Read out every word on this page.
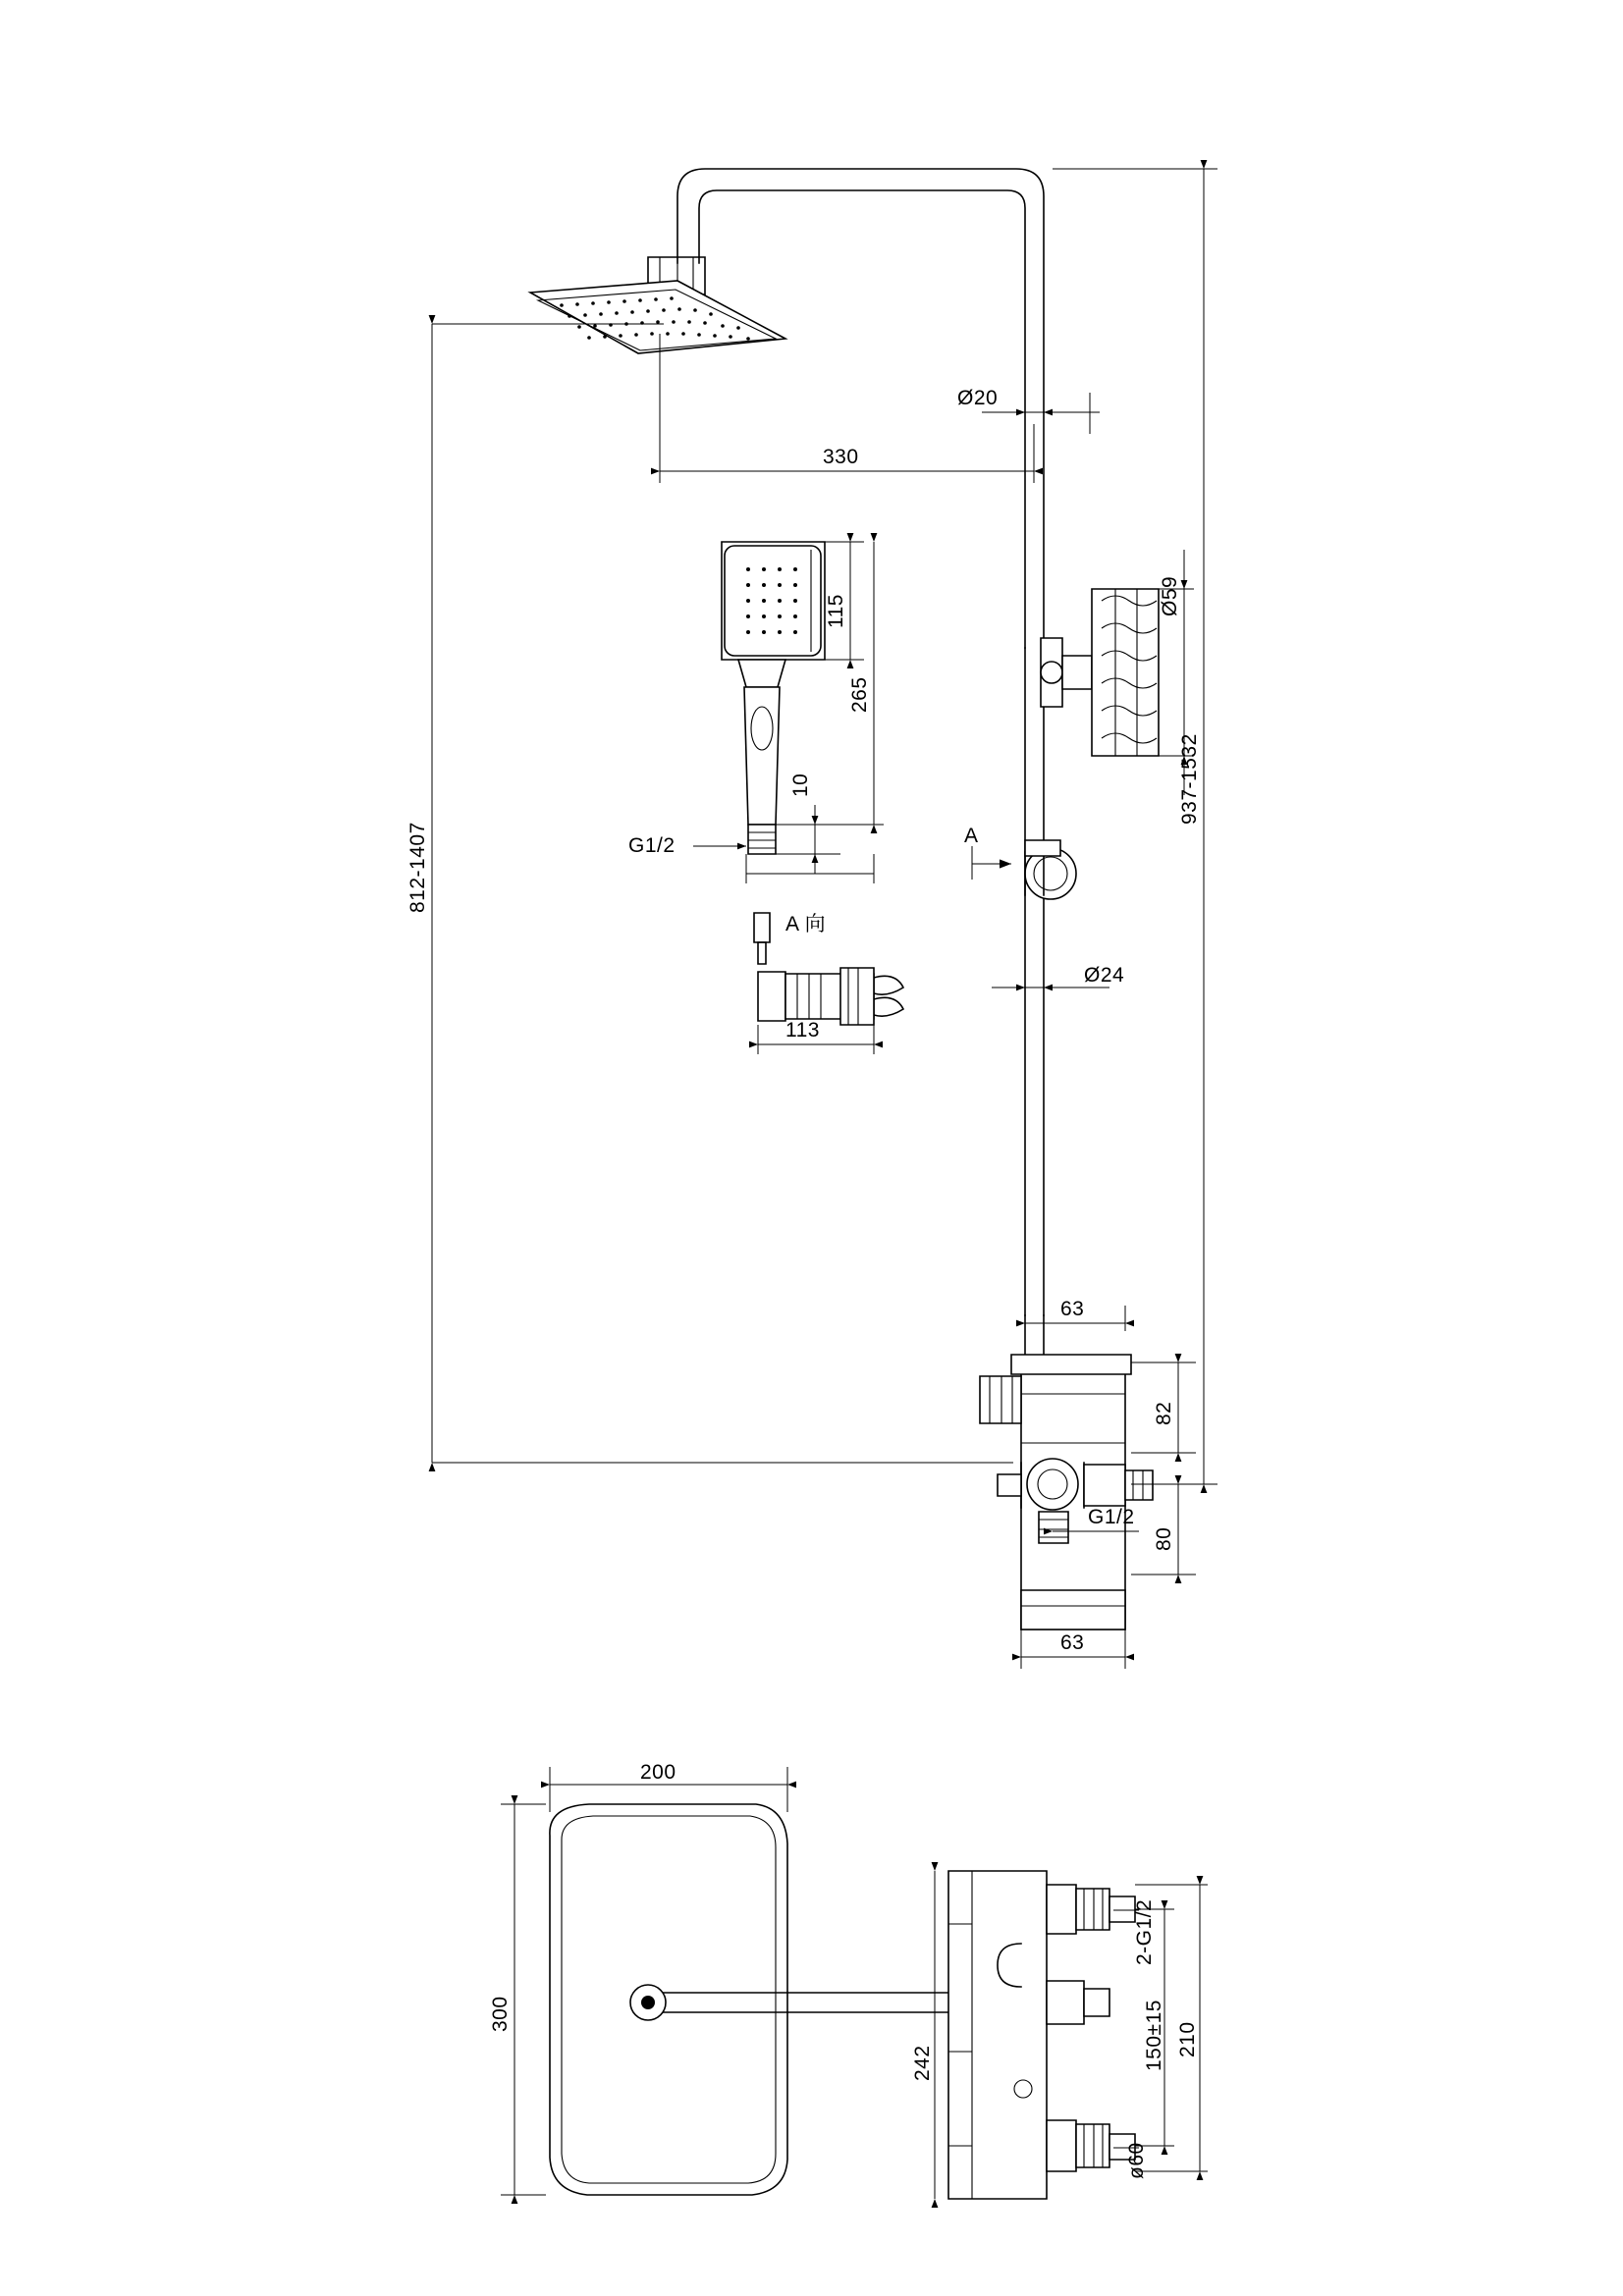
Ø20
330
Ø59
115
265
10
G1/2	A
A 向
113
Ø24
812-1407
937-1532
63
82
80
G1/2
63
200
300
242
2-G1/2
150±15 210
ø60
